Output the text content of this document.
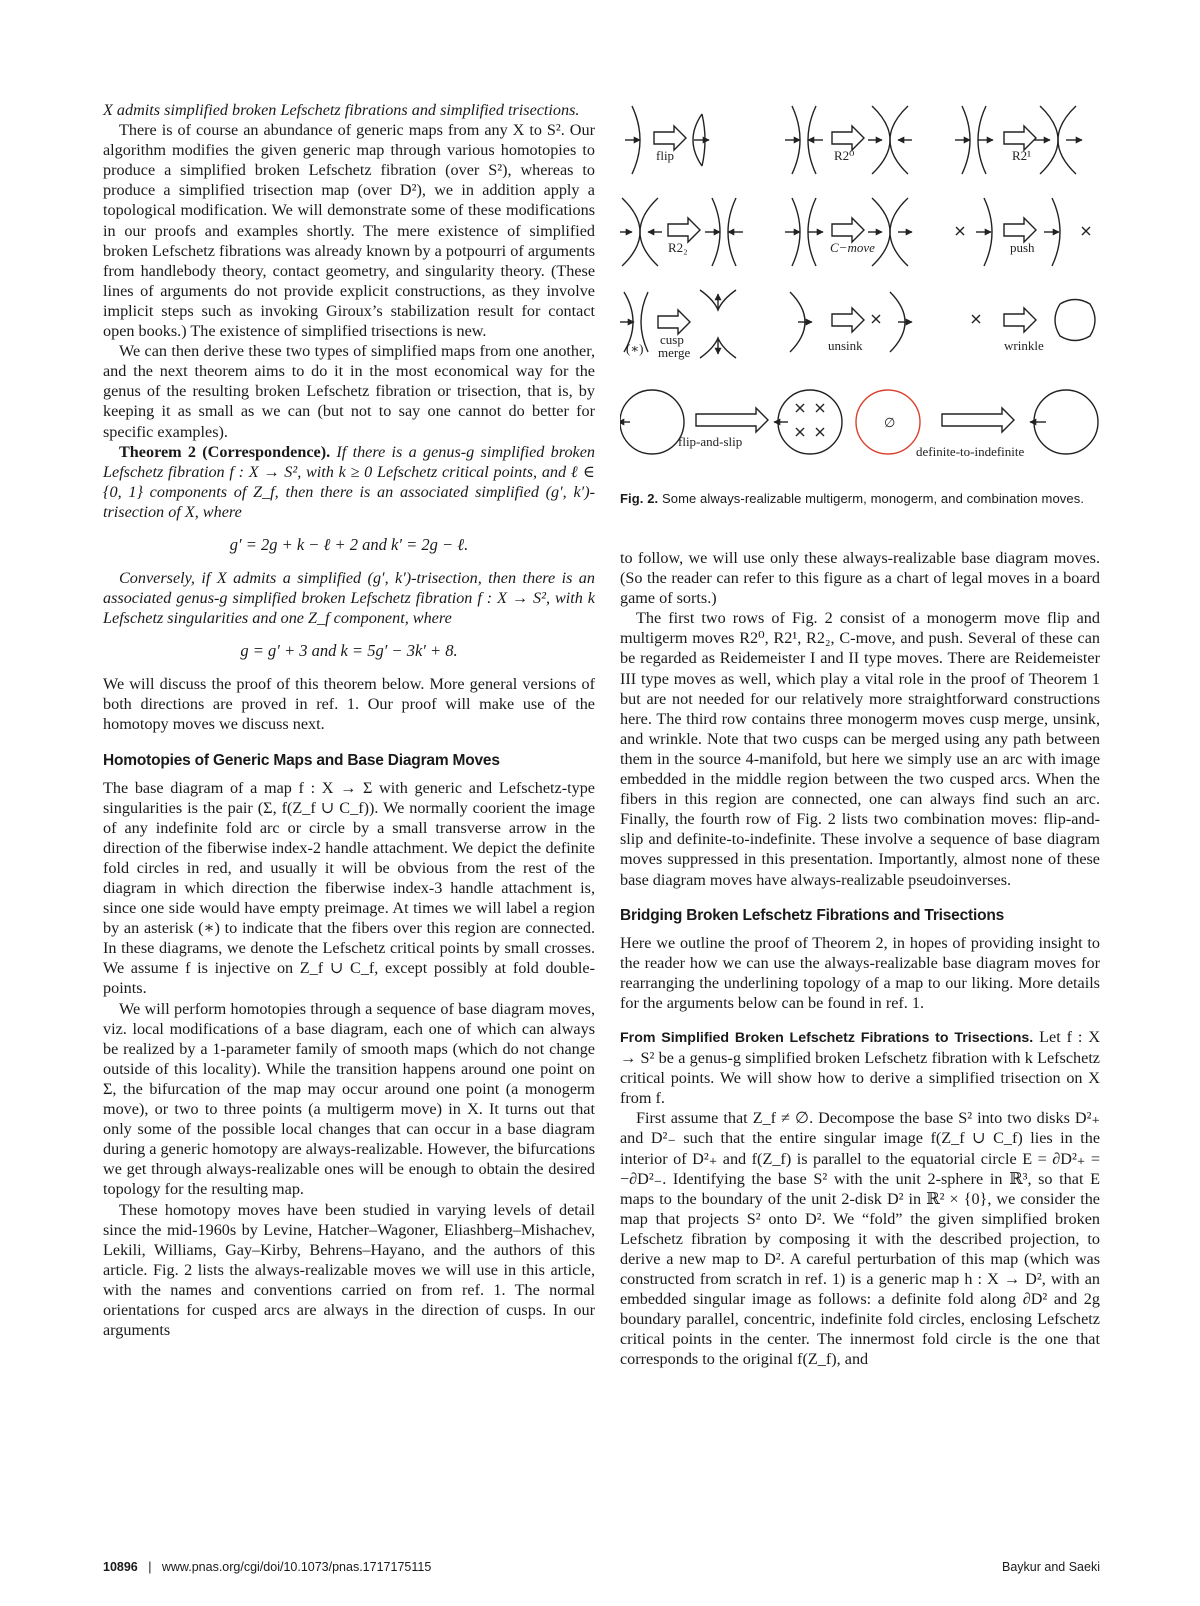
X admits simplified broken Lefschetz fibrations and simplified trisections.

There is of course an abundance of generic maps from any X to S². Our algorithm modifies the given generic map through various homotopies to produce a simplified broken Lefschetz fibration (over S²), whereas to produce a simplified trisection map (over D²), we in addition apply a topological modification. We will demonstrate some of these modifications in our proofs and examples shortly. The mere existence of simplified broken Lefschetz fibrations was already known by a potpourri of arguments from handlebody theory, contact geometry, and singularity theory. (These lines of arguments do not provide explicit constructions, as they involve implicit steps such as invoking Giroux’s stabilization result for contact open books.) The existence of simplified trisections is new.

We can then derive these two types of simplified maps from one another, and the next theorem aims to do it in the most economical way for the genus of the resulting broken Lefschetz fibration or trisection, that is, by keeping it as small as we can (but not to say one cannot do better for specific examples).

Theorem 2 (Correspondence). If there is a genus-g simplified broken Lefschetz fibration f : X → S², with k ≥ 0 Lefschetz critical points, and ℓ ∈ {0, 1} components of Z_f, then there is an associated simplified (g′, k′)-trisection of X, where

g′ = 2g + k − ℓ + 2 and k′ = 2g − ℓ.

Conversely, if X admits a simplified (g′, k′)-trisection, then there is an associated genus-g simplified broken Lefschetz fibration f : X → S², with k Lefschetz singularities and one Z_f component, where

g = g′ + 3 and k = 5g′ − 3k′ + 8.

We will discuss the proof of this theorem below. More general versions of both directions are proved in ref. 1. Our proof will make use of the homotopy moves we discuss next.

Homotopies of Generic Maps and Base Diagram Moves

The base diagram of a map f : X → Σ with generic and Lefschetz-type singularities is the pair (Σ, f(Z_f ∪ C_f)). We normally coorient the image of any indefinite fold arc or circle by a small transverse arrow in the direction of the fiberwise index-2 handle attachment. We depict the definite fold circles in red, and usually it will be obvious from the rest of the diagram in which direction the fiberwise index-3 handle attachment is, since one side would have empty preimage. At times we will label a region by an asterisk (∗) to indicate that the fibers over this region are connected. In these diagrams, we denote the Lefschetz critical points by small crosses. We assume f is injective on Z_f ∪ C_f, except possibly at fold double-points.

We will perform homotopies through a sequence of base diagram moves, viz. local modifications of a base diagram, each one of which can always be realized by a 1-parameter family of smooth maps (which do not change outside of this locality). While the transition happens around one point on Σ, the bifurcation of the map may occur around one point (a monogerm move), or two to three points (a multigerm move) in X. It turns out that only some of the possible local changes that can occur in a base diagram during a generic homotopy are always-realizable. However, the bifurcations we get through always-realizable ones will be enough to obtain the desired topology for the resulting map.

These homotopy moves have been studied in varying levels of detail since the mid-1960s by Levine, Hatcher–Wagoner, Eliashberg–Mishachev, Lekili, Williams, Gay–Kirby, Behrens–Hayano, and the authors of this article. Fig. 2 lists the always-realizable moves we will use in this article, with the names and conventions carried on from ref. 1. The normal orientations for cusped arcs are always in the direction of cusps. In our arguments

flip	R2⁰	R2¹
R2₂	C−move	push
cusp
merge
(∗)	unsink	wrinkle
flip-and-slip
∅
definite-to-indefinite

Fig. 2. Some always-realizable multigerm, monogerm, and combination moves.

to follow, we will use only these always-realizable base diagram moves. (So the reader can refer to this figure as a chart of legal moves in a board game of sorts.)

The first two rows of Fig. 2 consist of a monogerm move flip and multigerm moves R2⁰, R2¹, R2₂, C-move, and push. Several of these can be regarded as Reidemeister I and II type moves. There are Reidemeister III type moves as well, which play a vital role in the proof of Theorem 1 but are not needed for our relatively more straightforward constructions here. The third row contains three monogerm moves cusp merge, unsink, and wrinkle. Note that two cusps can be merged using any path between them in the source 4-manifold, but here we simply use an arc with image embedded in the middle region between the two cusped arcs. When the fibers in this region are connected, one can always find such an arc. Finally, the fourth row of Fig. 2 lists two combination moves: flip-and-slip and definite-to-indefinite. These involve a sequence of base diagram moves suppressed in this presentation. Importantly, almost none of these base diagram moves have always-realizable pseudoinverses.

Bridging Broken Lefschetz Fibrations and Trisections

Here we outline the proof of Theorem 2, in hopes of providing insight to the reader how we can use the always-realizable base diagram moves for rearranging the underlining topology of a map to our liking. More details for the arguments below can be found in ref. 1.

From Simplified Broken Lefschetz Fibrations to Trisections. Let f : X → S² be a genus-g simplified broken Lefschetz fibration with k Lefschetz critical points. We will show how to derive a simplified trisection on X from f.

First assume that Z_f ≠ ∅. Decompose the base S² into two disks D²₊ and D²₋ such that the entire singular image f(Z_f ∪ C_f) lies in the interior of D²₊ and f(Z_f) is parallel to the equatorial circle E = ∂D²₊ = −∂D²₋. Identifying the base S² with the unit 2-sphere in ℝ³, so that E maps to the boundary of the unit 2-disk D² in ℝ² × {0}, we consider the map that projects S² onto D². We “fold” the given simplified broken Lefschetz fibration by composing it with the described projection, to derive a new map to D². A careful perturbation of this map (which was constructed from scratch in ref. 1) is a generic map h : X → D², with an embedded singular image as follows: a definite fold along ∂D² and 2g boundary parallel, concentric, indefinite fold circles, enclosing Lefschetz critical points in the center. The innermost fold circle is the one that corresponds to the original f(Z_f), and

10896 | www.pnas.org/cgi/doi/10.1073/pnas.1717175115	Baykur and Saeki
